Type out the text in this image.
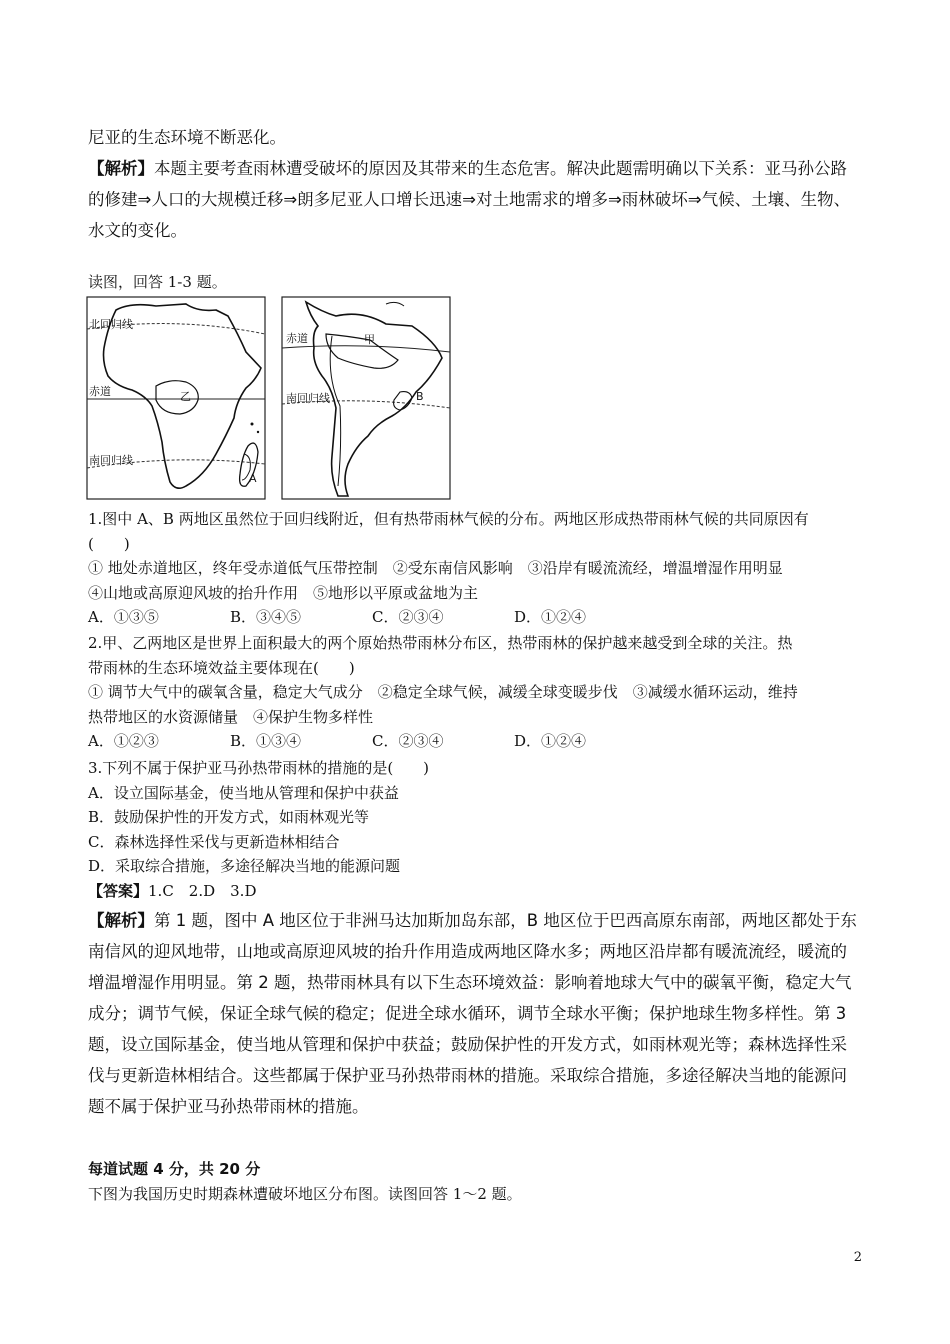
尼亚的生态环境不断恶化。

【解析】本题主要考查雨林遭受破坏的原因及其带来的生态危害。解决此题需明确以下关系：亚马孙公路的修建⇒人口的大规模迁移⇒朗多尼亚人口增长迅速⇒对土地需求的增多⇒雨林破坏⇒气候、土壤、生物、水文的变化。

读图，回答 1-3 题。

北回归线
赤道	乙
南回归线
A
赤道	甲
南回归线	B
1.图中 A、B 两地区虽然位于回归线附近，但有热带雨林气候的分布。两地区形成热带雨林气候的共同原因有
(　　)
① 地处赤道地区，终年受赤道低气压带控制　②受东南信风影响　③沿岸有暖流流经，增温增湿作用明显
④山地或高原迎风坡的抬升作用　⑤地形以平原或盆地为主
A．①③⑤	B．③④⑤	C．②③④	D．①②④
2.甲、乙两地区是世界上面积最大的两个原始热带雨林分布区，热带雨林的保护越来越受到全球的关注。热
带雨林的生态环境效益主要体现在(　　)
① 调节大气中的碳氧含量，稳定大气成分　②稳定全球气候，减缓全球变暖步伐　③减缓水循环运动，维持
热带地区的水资源储量　④保护生物多样性
A．①②③	B．①③④	C．②③④	D．①②④
3.下列不属于保护亚马孙热带雨林的措施的是(　　)
A．设立国际基金，使当地从管理和保护中获益
B．鼓励保护性的开发方式，如雨林观光等
C．森林选择性采伐与更新造林相结合
D．采取综合措施，多途径解决当地的能源问题
【答案】1.C　2.D　3.D

【解析】第 1 题，图中 A 地区位于非洲马达加斯加岛东部，B 地区位于巴西高原东南部，两地区都处于东南信风的迎风地带，山地或高原迎风坡的抬升作用造成两地区降水多；两地区沿岸都有暖流流经，暖流的增温增湿作用明显。第 2 题，热带雨林具有以下生态环境效益：影响着地球大气中的碳氧平衡，稳定大气成分；调节气候，保证全球气候的稳定；促进全球水循环，调节全球水平衡；保护地球生物多样性。第 3 题，设立国际基金，使当地从管理和保护中获益；鼓励保护性的开发方式，如雨林观光等；森林选择性采伐与更新造林相结合。这些都属于保护亚马孙热带雨林的措施。采取综合措施，多途径解决当地的能源问题不属于保护亚马孙热带雨林的措施。

每道试题 4 分，共 20 分
下图为我国历史时期森林遭破坏地区分布图。读图回答 1～2 题。
2
